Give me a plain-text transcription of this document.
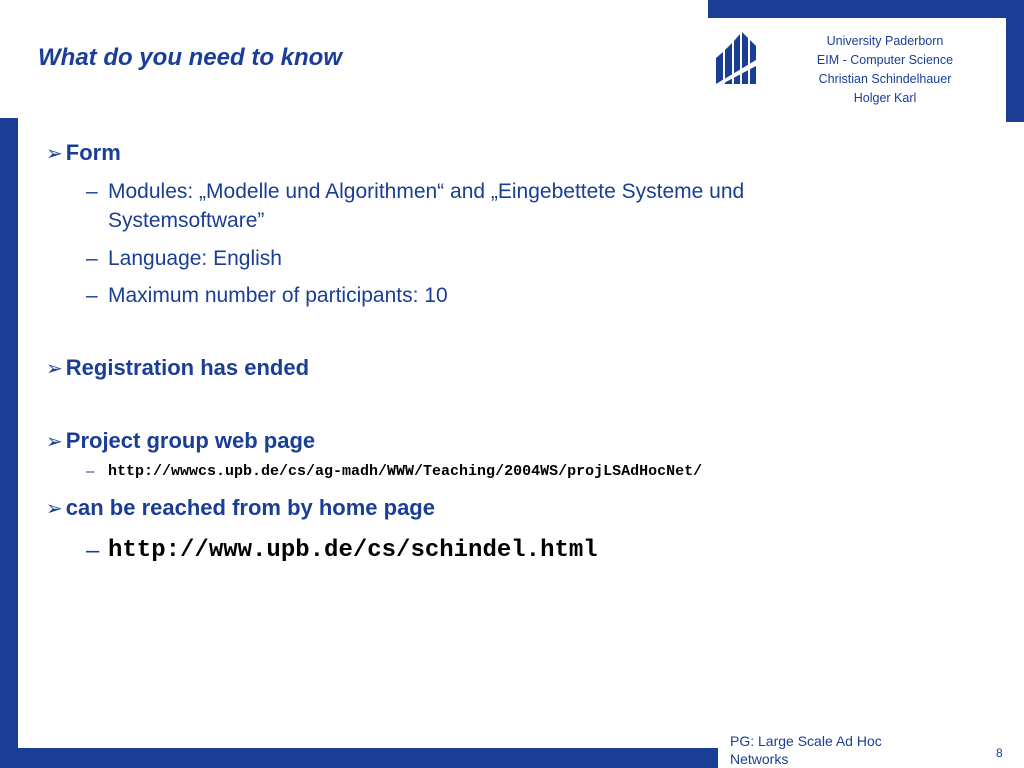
What do you need to know
University Paderborn
EIM - Computer Science
Christian Schindelhauer
Holger Karl

➢ Form

– Modules: „Modelle und Algorithmen“ and „Eingebettete Systeme und
Systemsoftware”

– Language: English

– Maximum number of participants: 10

➢ Registration has ended

➢ Project group web page

– http://wwwcs.upb.de/cs/ag-madh/WWW/Teaching/2004WS/projLSAdHocNet/

➢ can be reached from by home page

– http://www.upb.de/cs/schindel.html

PG: Large Scale Ad Hoc
Networks	8
